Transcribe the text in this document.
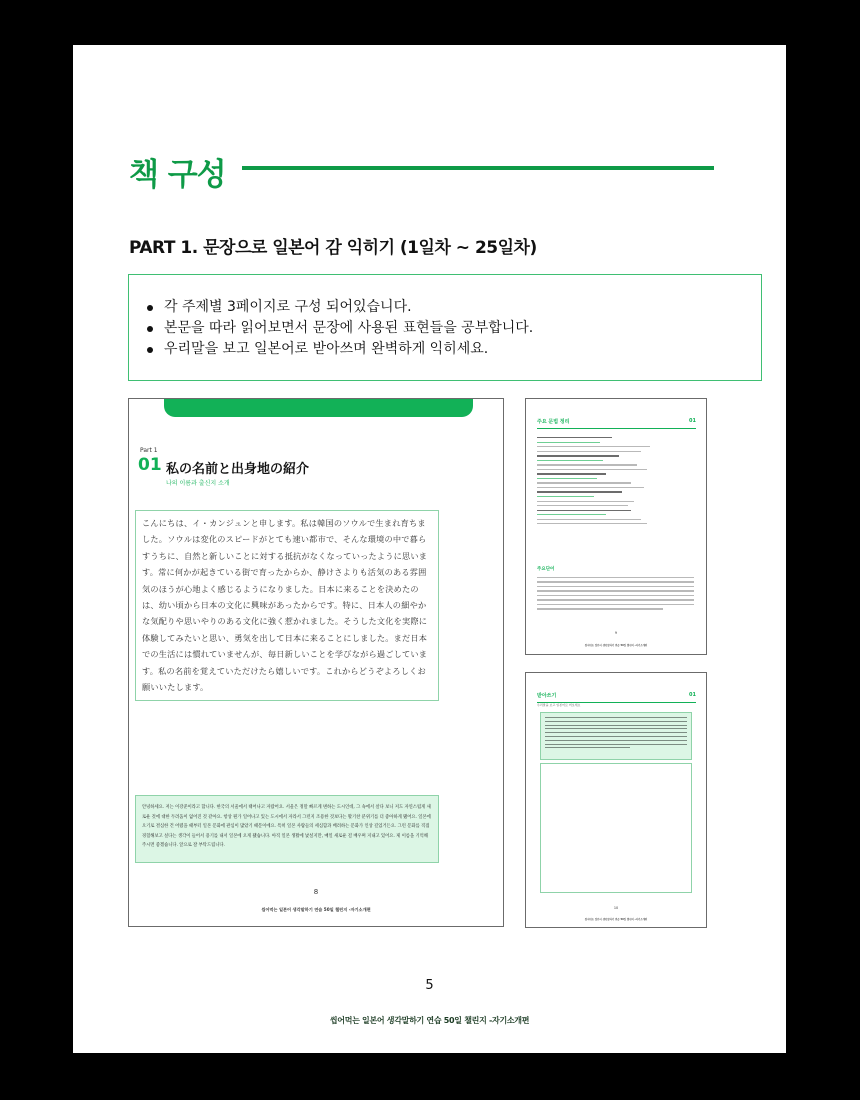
책 구성
PART 1. 문장으로 일본어 감 익히기 (1일차 ~ 25일차)
각 주제별 3페이지로 구성 되어있습니다.
본문을 따라 읽어보면서 문장에 사용된 표현들을 공부합니다.
우리말을 보고 일본어로 받아쓰며 완벽하게 익히세요.
Part 1
01 私の名前と出身地の紹介
나의 이름과 출신지 소개

こんにちは、イ・カンジュンと申します。私は韓国のソウルで生まれ育ちました。ソウルは変化のスピードがとても速い都市で、そんな環境の中で暮らすうちに、自然と新しいことに対する抵抗がなくなっていったように思います。常に何かが起きている街で育ったからか、静けさよりも活気のある雰囲気のほうが心地よく感じるようになりました。日本に来ることを決めたのは、幼い頃から日本の文化に興味があったからです。特に、日本人の細やかな気配りや思いやりのある文化に強く惹かれました。そうした文化を実際に体験してみたいと思い、勇気を出して日本に来ることにしました。まだ日本での生活には慣れていませんが、毎日新しいことを学びながら過ごしています。私の名前を覚えていただけたら嬉しいです。これからどうぞよろしくお願いいたします。

안녕하세요. 저는 이강준이라고 합니다. 한국의 서울에서 태어나고 자랐어요. 서울은 정말 빠르게 변하는 도시인데, 그 속에서 살다 보니 저도 자연스럽게 새로운 것에 대한 두려움이 없어진 것 같아요. 항상 뭔가 일어나고 있는 도시에서 자라서 그런지 조용한 것보다는 활기찬 분위기를 더 좋아하게 됐어요. 일본에 오기로 결심한 건 어렸을 때부터 일본 문화에 관심이 많았기 때문이에요. 특히 일본 사람들의 세심함과 배려하는 문화가 인상 깊었거든요. 그런 문화를 직접 경험해보고 싶다는 생각이 들어서 용기를 내서 일본에 오게 됐습니다. 아직 일본 생활에 낯설지만, 매일 새로운 걸 배우며 지내고 있어요. 제 이름을 기억해 주시면 좋겠습니다. 앞으로 잘 부탁드립니다.

8
씹어먹는 일본어 생각말하기 연습 50일 챌린지 -자기소개편
주요 문법 정리	01
주요단어
9
씹어먹는 일본어 생각말하기 연습 50일 챌린지 -자기소개편
받아쓰기	01
우리말을 보고 일본어로 써보세요
10
씹어먹는 일본어 생각말하기 연습 50일 챌린지 -자기소개편
5
씹어먹는 일본어 생각말하기 연습 50일 챌린지 -자기소개편
